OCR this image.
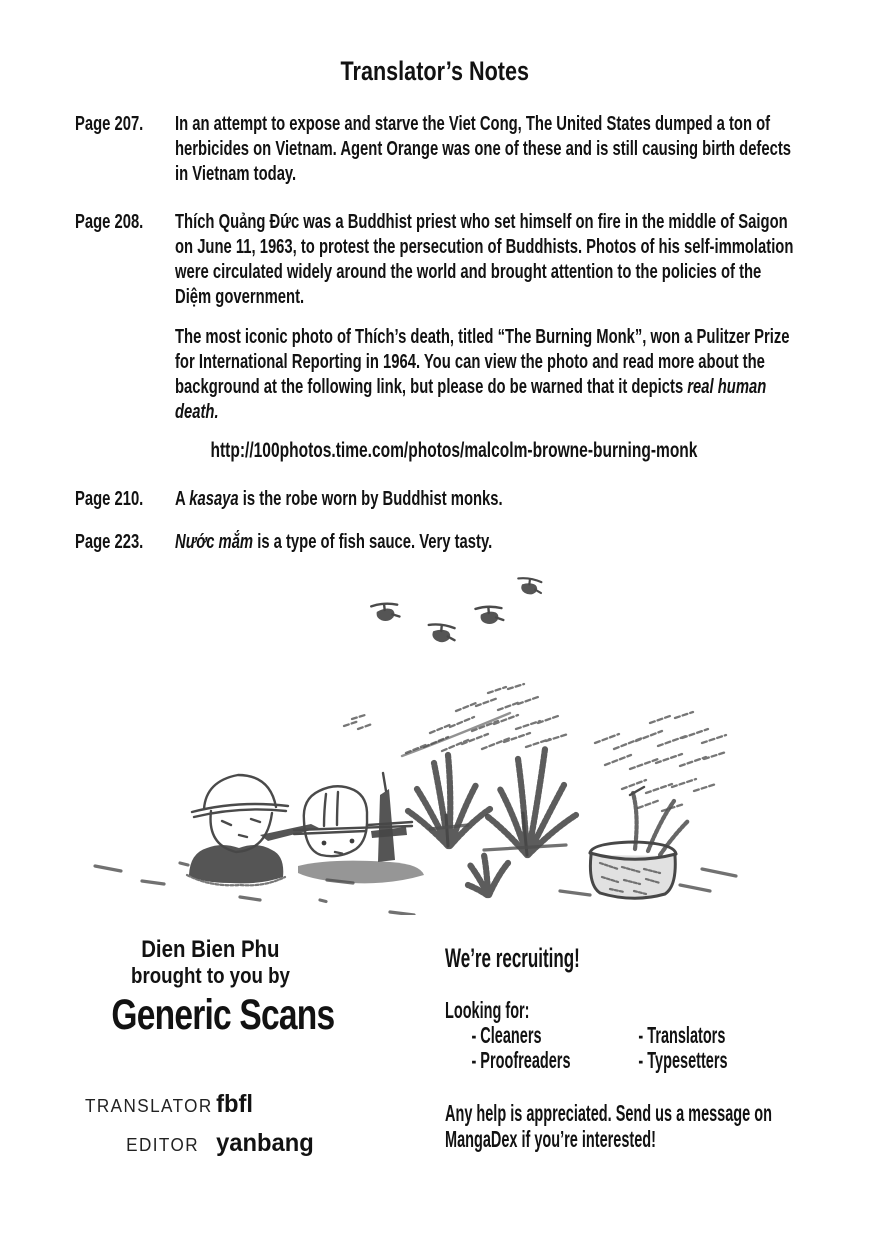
Translator’s Notes
Page 207. In an attempt to expose and starve the Viet Cong, The United States dumped a ton of herbicides on Vietnam. Agent Orange was one of these and is still causing birth defects in Vietnam today.
Page 208. Thích Quảng Đức was a Buddhist priest who set himself on fire in the middle of Saigon on June 11, 1963, to protest the persecution of Buddhists. Photos of his self-immolation were circulated widely around the world and brought attention to the policies of the Diệm government.
The most iconic photo of Thích’s death, titled “The Burning Monk”, won a Pulitzer Prize for International Reporting in 1964. You can view the photo and read more about the background at the following link, but please do be warned that it depicts real human death.
http://100photos.time.com/photos/malcolm-browne-burning-monk
Page 210. A kasaya is the robe worn by Buddhist monks.
Page 223. Nước mắm is a type of fish sauce. Very tasty.
Dien Bien Phu
brought to you by
Generic Scans
TRANSLATOR fbfl
EDITOR yanbang
We’re recruiting!
Looking for:
- Cleaners	- Translators
- Proofreaders	- Typesetters
Any help is appreciated. Send us a message on MangaDex if you’re interested!
